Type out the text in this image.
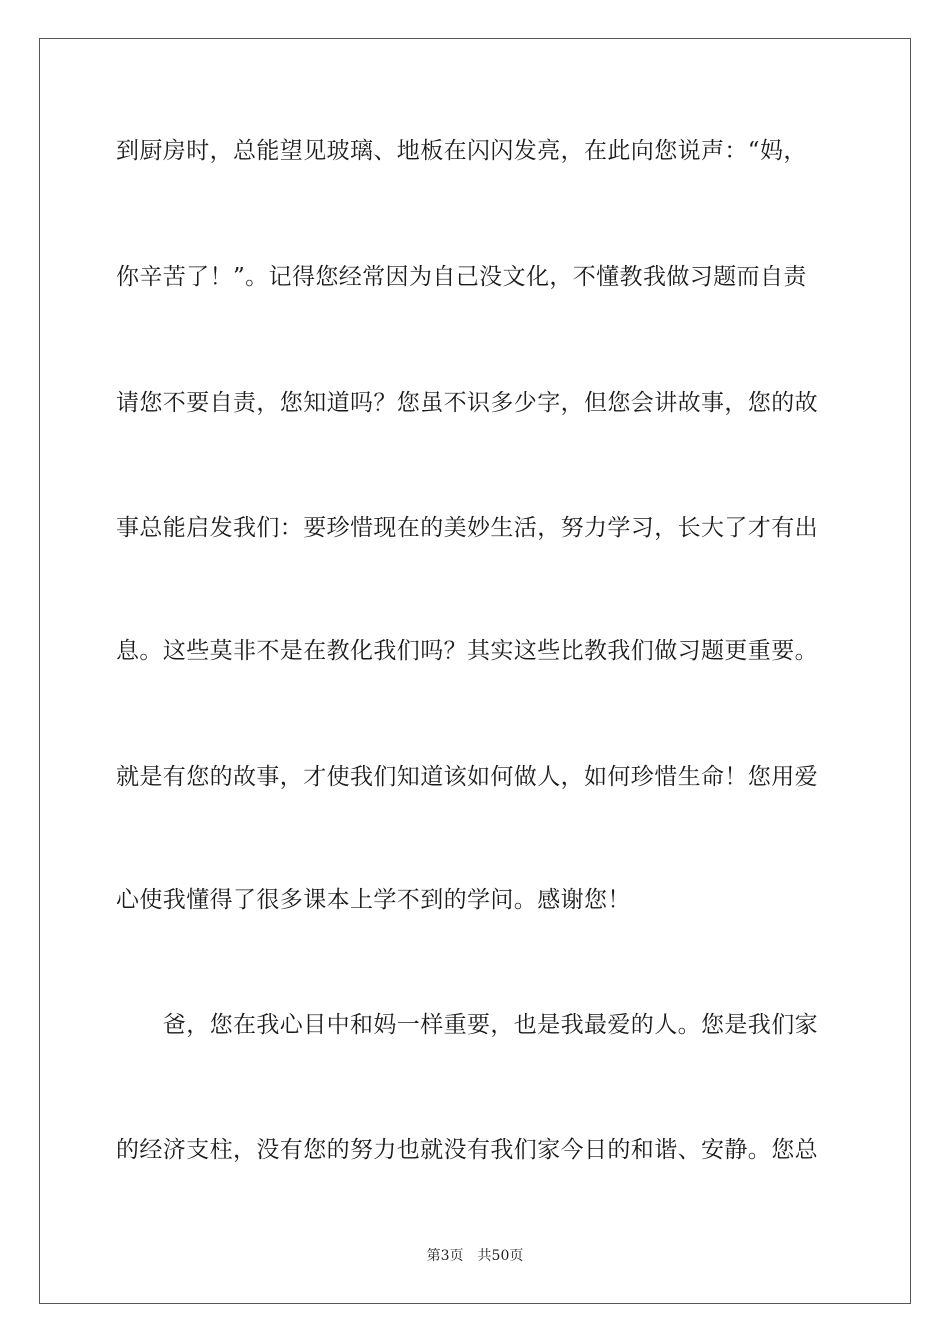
到厨房时，总能望见玻璃、地板在闪闪发亮，在此向您说声：“妈，
你辛苦了！”。记得您经常因为自己没文化，不懂教我做习题而自责
请您不要自责，您知道吗？您虽不识多少字，但您会讲故事，您的故
事总能启发我们：要珍惜现在的美妙生活，努力学习，长大了才有出
息。这些莫非不是在教化我们吗？其实这些比教我们做习题更重要。
就是有您的故事，才使我们知道该如何做人，如何珍惜生命！您用爱
心使我懂得了很多课本上学不到的学问。感谢您！
　　爸，您在我心目中和妈一样重要，也是我最爱的人。您是我们家
的经济支柱，没有您的努力也就没有我们家今日的和谐、安静。您总
第3页 共50页
